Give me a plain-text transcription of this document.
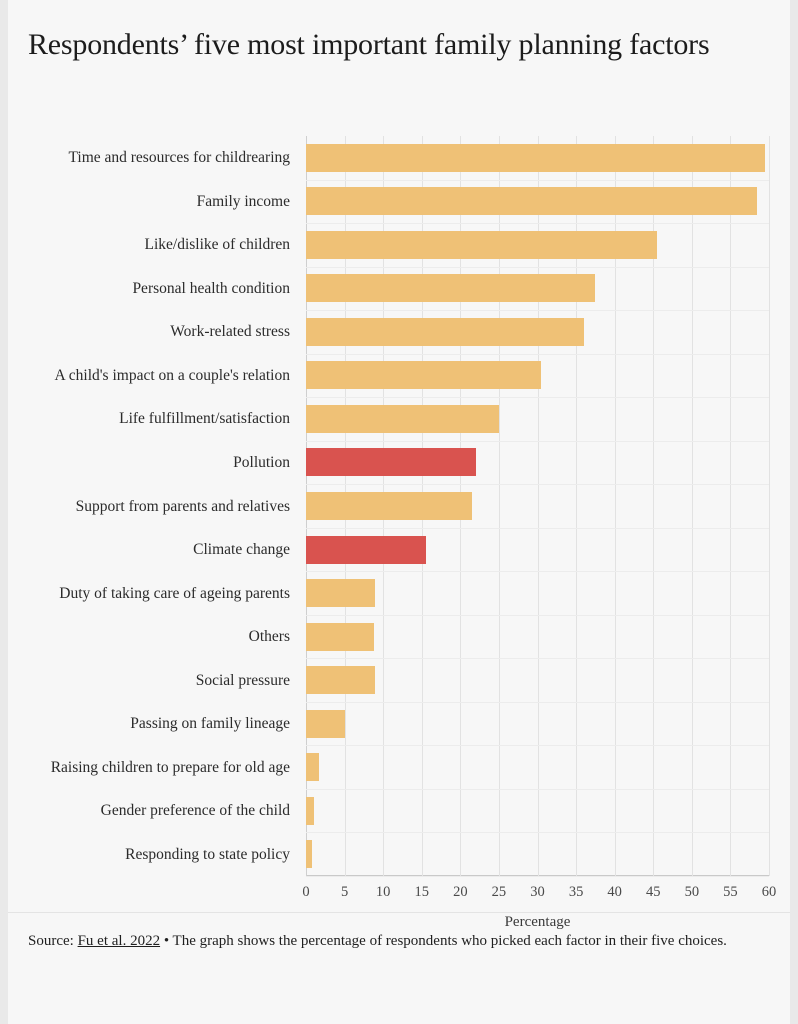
Respondents’ five most important family planning factors
Time and resources for childrearing
Family income
Like/dislike of children
Personal health condition
Work-related stress
A child's impact on a couple's relation
Life fulfillment/satisfaction
Pollution
Support from parents and relatives
Climate change
Duty of taking care of ageing parents
Others
Social pressure
Passing on family lineage
Raising children to prepare for old age
Gender preference of the child
Responding to state policy
Percentage
0 5 10 15 20 25 30 35 40 45 50 55 60
Source: Fu et al. 2022 • The graph shows the percentage of respondents who picked each factor in their five choices.
